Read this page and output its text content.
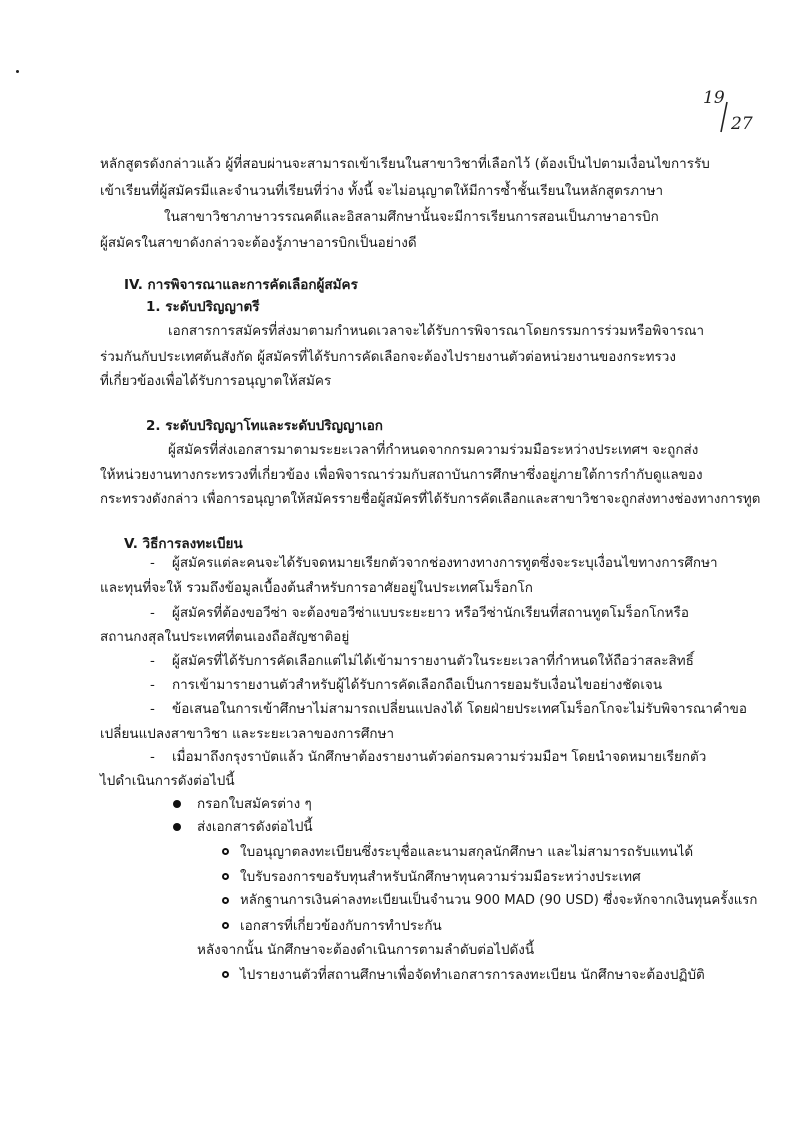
19
27
หลักสูตรดังกล่าวแล้ว ผู้ที่สอบผ่านจะสามารถเข้าเรียนในสาขาวิชาที่เลือกไว้ (ต้องเป็นไปตามเงื่อนไขการรับ
เข้าเรียนที่ผู้สมัครมีและจำนวนที่เรียนที่ว่าง ทั้งนี้ จะไม่อนุญาตให้มีการซ้ำชั้นเรียนในหลักสูตรภาษา
ในสาขาวิชาภาษาวรรณคดีและอิสลามศึกษานั้นจะมีการเรียนการสอนเป็นภาษาอารบิก
ผู้สมัครในสาขาดังกล่าวจะต้องรู้ภาษาอารบิกเป็นอย่างดี
IV. การพิจารณาและการคัดเลือกผู้สมัคร
1. ระดับปริญญาตรี
เอกสารการสมัครที่ส่งมาตามกำหนดเวลาจะได้รับการพิจารณาโดยกรรมการร่วมหรือพิจารณา
ร่วมกันกับประเทศต้นสังกัด ผู้สมัครที่ได้รับการคัดเลือกจะต้องไปรายงานตัวต่อหน่วยงานของกระทรวง
ที่เกี่ยวข้องเพื่อได้รับการอนุญาตให้สมัคร
2. ระดับปริญญาโทและระดับปริญญาเอก
ผู้สมัครที่ส่งเอกสารมาตามระยะเวลาที่กำหนดจากกรมความร่วมมือระหว่างประเทศฯ จะถูกส่ง
ให้หน่วยงานทางกระทรวงที่เกี่ยวข้อง เพื่อพิจารณาร่วมกับสถาบันการศึกษาซึ่งอยู่ภายใต้การกำกับดูแลของ
กระทรวงดังกล่าว เพื่อการอนุญาตให้สมัครรายชื่อผู้สมัครที่ได้รับการคัดเลือกและสาขาวิชาจะถูกส่งทางช่องทางการทูต
V. วิธีการลงทะเบียน
- ผู้สมัครแต่ละคนจะได้รับจดหมายเรียกตัวจากช่องทางทางการทูตซึ่งจะระบุเงื่อนไขทางการศึกษา
และทุนที่จะให้ รวมถึงข้อมูลเบื้องต้นสำหรับการอาศัยอยู่ในประเทศโมร็อกโก
- ผู้สมัครที่ต้องขอวีซ่า จะต้องขอวีซ่าแบบระยะยาว หรือวีซ่านักเรียนที่สถานทูตโมร็อกโกหรือ
สถานกงสุลในประเทศที่ตนเองถือสัญชาติอยู่
- ผู้สมัครที่ได้รับการคัดเลือกแต่ไม่ได้เข้ามารายงานตัวในระยะเวลาที่กำหนดให้ถือว่าสละสิทธิ์
- การเข้ามารายงานตัวสำหรับผู้ได้รับการคัดเลือกถือเป็นการยอมรับเงื่อนไขอย่างชัดเจน
- ข้อเสนอในการเข้าศึกษาไม่สามารถเปลี่ยนแปลงได้ โดยฝ่ายประเทศโมร็อกโกจะไม่รับพิจารณาคำขอ
เปลี่ยนแปลงสาขาวิชา และระยะเวลาของการศึกษา
- เมื่อมาถึงกรุงราบัตแล้ว นักศึกษาต้องรายงานตัวต่อกรมความร่วมมือฯ โดยนำจดหมายเรียกตัว
ไปดำเนินการดังต่อไปนี้
กรอกใบสมัครต่าง ๆ
ส่งเอกสารดังต่อไปนี้
ใบอนุญาตลงทะเบียนซึ่งระบุชื่อและนามสกุลนักศึกษา และไม่สามารถรับแทนได้
ใบรับรองการขอรับทุนสำหรับนักศึกษาทุนความร่วมมือระหว่างประเทศ
หลักฐานการเงินค่าลงทะเบียนเป็นจำนวน 900 MAD (90 USD) ซึ่งจะหักจากเงินทุนครั้งแรก
เอกสารที่เกี่ยวข้องกับการทำประกัน
หลังจากนั้น นักศึกษาจะต้องดำเนินการตามลำดับต่อไปดังนี้
ไปรายงานตัวที่สถานศึกษาเพื่อจัดทำเอกสารการลงทะเบียน นักศึกษาจะต้องปฏิบัติ
